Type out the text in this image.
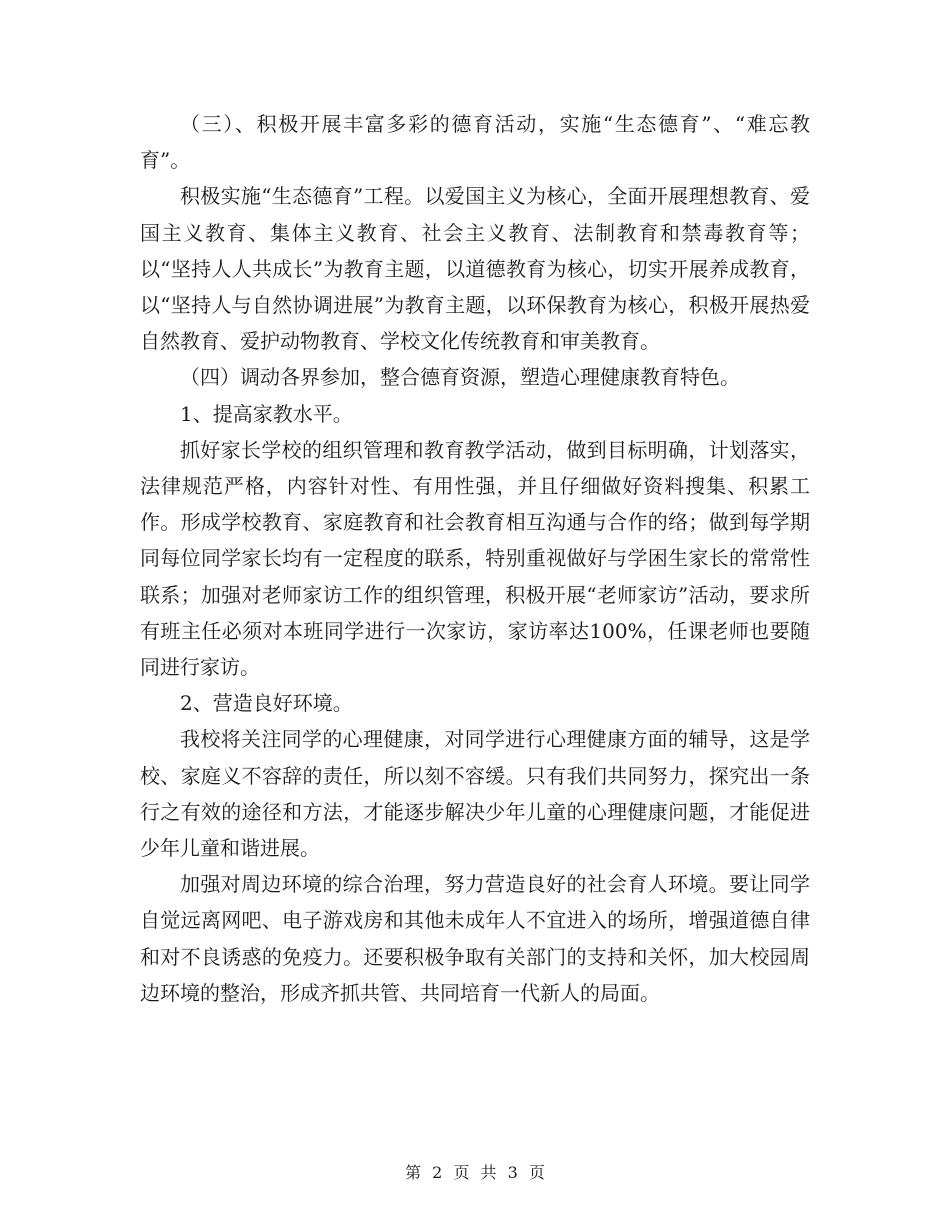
（三）、积极开展丰富多彩的德育活动，实施“生态德育”、“难忘教育”。

积极实施“生态德育”工程。以爱国主义为核心，全面开展理想教育、爱国主义教育、集体主义教育、社会主义教育、法制教育和禁毒教育等；以“坚持人人共成长”为教育主题，以道德教育为核心，切实开展养成教育，以“坚持人与自然协调进展”为教育主题，以环保教育为核心，积极开展热爱自然教育、爱护动物教育、学校文化传统教育和审美教育。

（四）调动各界参加，整合德育资源，塑造心理健康教育特色。

1、提高家教水平。

抓好家长学校的组织管理和教育教学活动，做到目标明确，计划落实，法律规范严格，内容针对性、有用性强，并且仔细做好资料搜集、积累工作。形成学校教育、家庭教育和社会教育相互沟通与合作的络；做到每学期同每位同学家长均有一定程度的联系，特别重视做好与学困生家长的常常性联系；加强对老师家访工作的组织管理，积极开展“老师家访”活动，要求所有班主任必须对本班同学进行一次家访，家访率达100%，任课老师也要随同进行家访。

2、营造良好环境。

我校将关注同学的心理健康，对同学进行心理健康方面的辅导，这是学校、家庭义不容辞的责任，所以刻不容缓。只有我们共同努力，探究出一条行之有效的途径和方法，才能逐步解决少年儿童的心理健康问题，才能促进少年儿童和谐进展。

加强对周边环境的综合治理，努力营造良好的社会育人环境。要让同学自觉远离网吧、电子游戏房和其他未成年人不宜进入的场所，增强道德自律和对不良诱惑的免疫力。还要积极争取有关部门的支持和关怀，加大校园周边环境的整治，形成齐抓共管、共同培育一代新人的局面。

第 2 页 共 3 页
